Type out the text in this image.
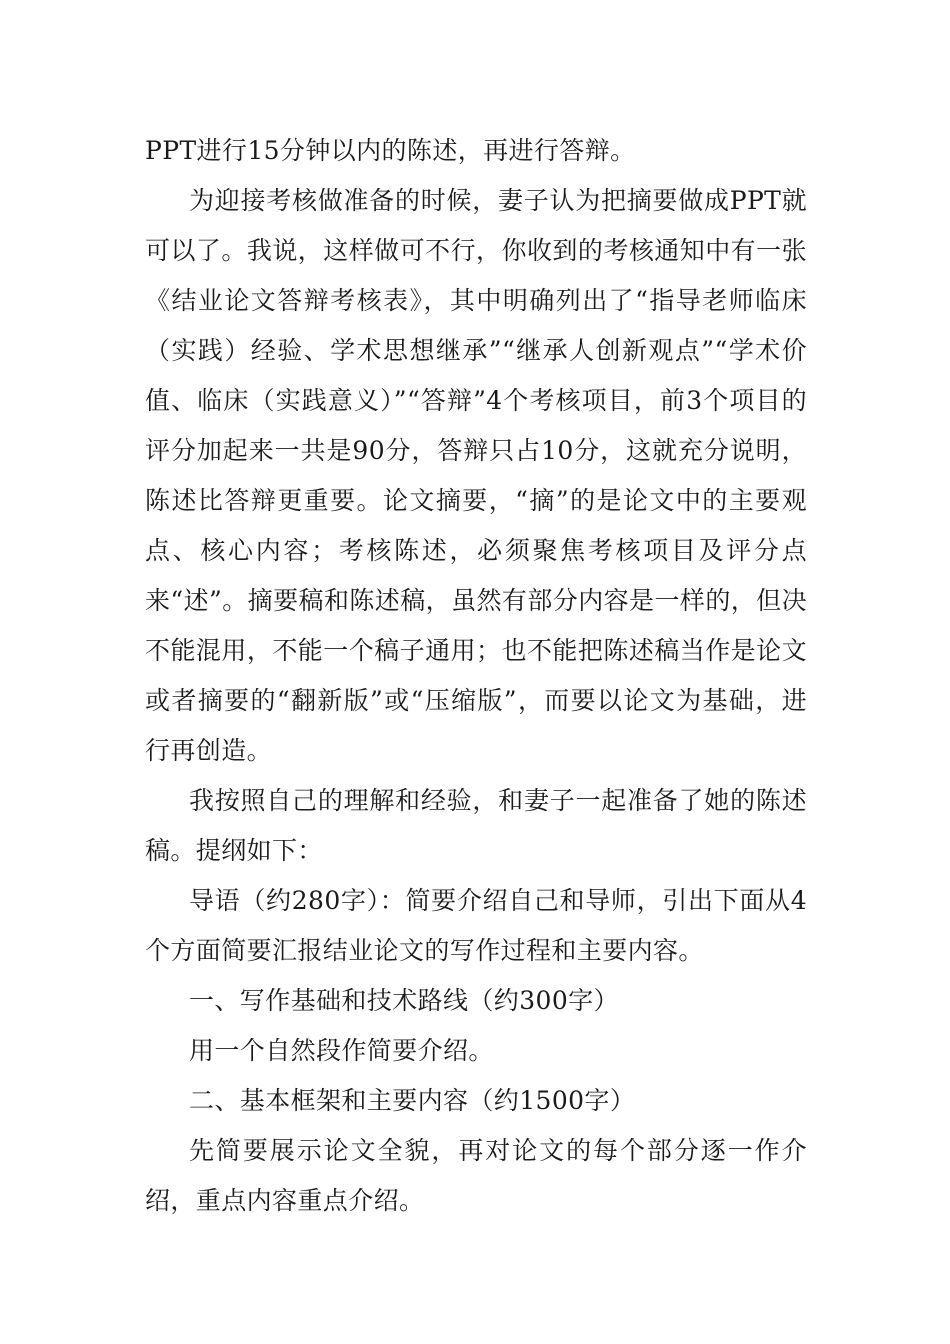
PPT进行15分钟以内的陈述，再进行答辩。

为迎接考核做准备的时候，妻子认为把摘要做成PPT就可以了。我说，这样做可不行，你收到的考核通知中有一张《结业论文答辩考核表》，其中明确列出了“指导老师临床（实践）经验、学术思想继承”“继承人创新观点”“学术价值、临床（实践意义）”“答辩”4个考核项目，前3个项目的评分加起来一共是90分，答辩只占10分，这就充分说明，陈述比答辩更重要。论文摘要，“摘”的是论文中的主要观点、核心内容；考核陈述，必须聚焦考核项目及评分点来“述”。摘要稿和陈述稿，虽然有部分内容是一样的，但决不能混用，不能一个稿子通用；也不能把陈述稿当作是论文或者摘要的“翻新版”或“压缩版”，而要以论文为基础，进行再创造。

我按照自己的理解和经验，和妻子一起准备了她的陈述稿。提纲如下：

导语（约280字）：简要介绍自己和导师，引出下面从4个方面简要汇报结业论文的写作过程和主要内容。

一、写作基础和技术路线（约300字）

用一个自然段作简要介绍。

二、基本框架和主要内容（约1500字）

先简要展示论文全貌，再对论文的每个部分逐一作介绍，重点内容重点介绍。
